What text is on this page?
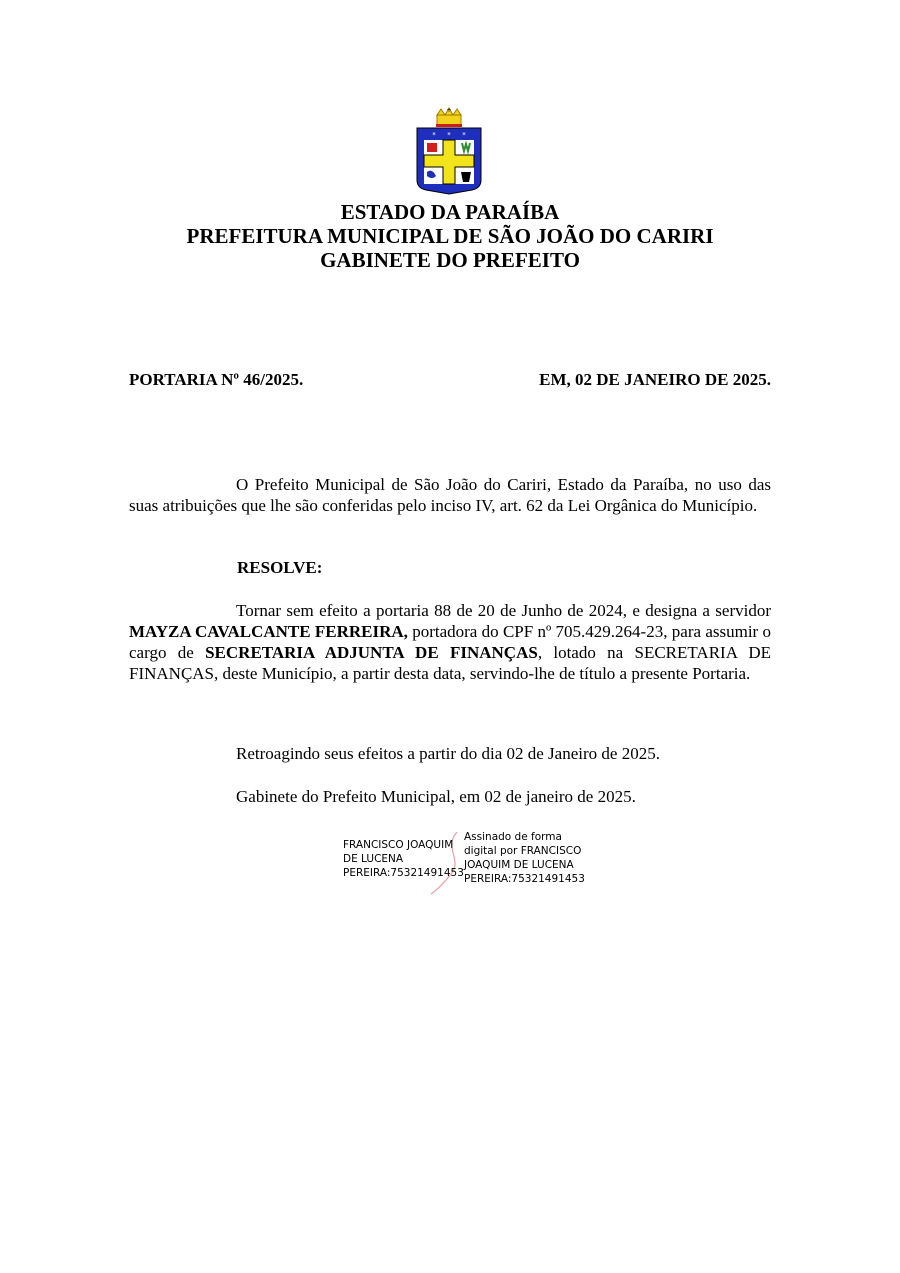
+
* * *
ESTADO DA PARAÍBA
PREFEITURA MUNICIPAL DE SÃO JOÃO DO CARIRI
GABINETE DO PREFEITO
PORTARIA Nº 46/2025.	EM, 02 DE JANEIRO DE 2025.
O Prefeito Municipal de São João do Cariri, Estado da Paraíba, no uso das suas atribuições que lhe são conferidas pelo inciso IV, art. 62 da Lei Orgânica do Município.
RESOLVE:
Tornar sem efeito a portaria 88 de 20 de Junho de 2024, e designa a servidor MAYZA CAVALCANTE FERREIRA, portadora do CPF nº 705.429.264-23, para assumir o cargo de SECRETARIA ADJUNTA DE FINANÇAS, lotado na SECRETARIA DE FINANÇAS, deste Município, a partir desta data, servindo-lhe de título a presente Portaria.
Retroagindo seus efeitos a partir do dia 02 de Janeiro de 2025.
Gabinete do Prefeito Municipal, em 02 de janeiro de 2025.
FRANCISCO JOAQUIM
DE LUCENA
PEREIRA:75321491453
Assinado de forma
digital por FRANCISCO
JOAQUIM DE LUCENA
PEREIRA:75321491453
